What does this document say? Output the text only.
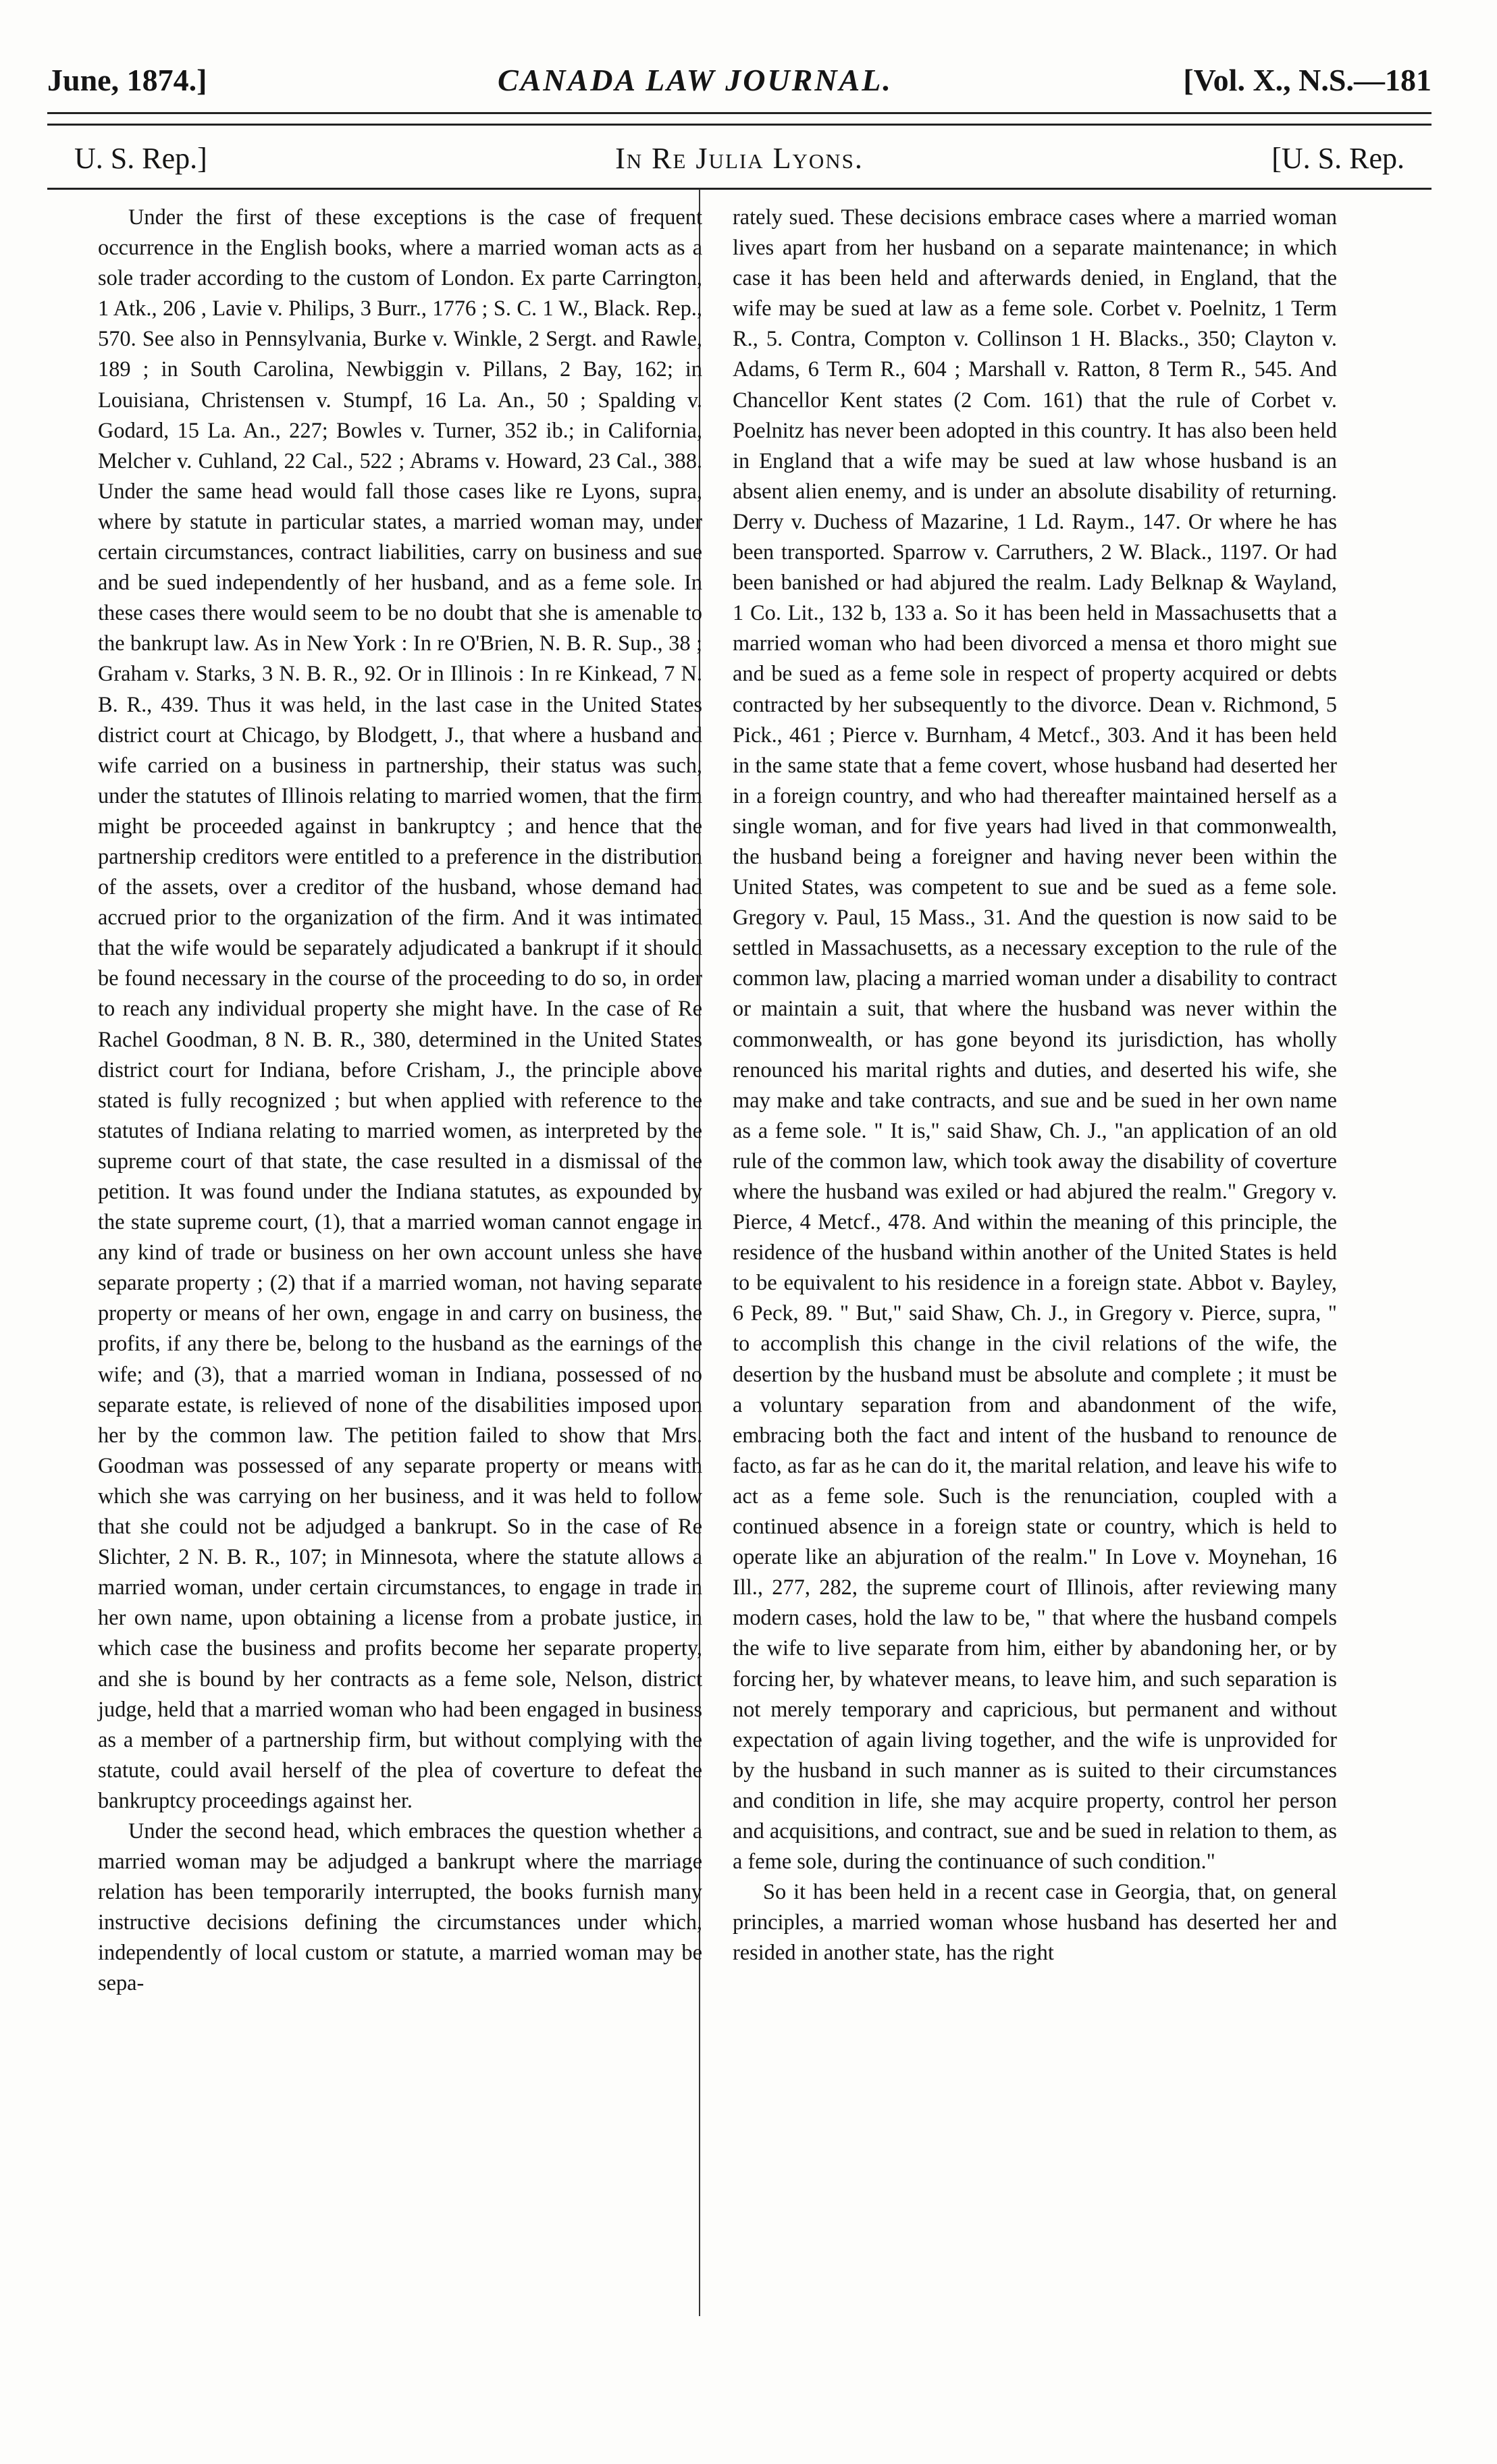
June, 1874.]	CANADA LAW JOURNAL.	[Vol. X., N.S.—181
U. S. Rep.]	In Re Julia Lyons.	[U. S. Rep.

Under the first of these exceptions is the case of frequent occurrence in the English books, where a married woman acts as a sole trader according to the custom of London. Ex parte Carrington, 1 Atk., 206 , Lavie v. Philips, 3 Burr., 1776 ; S. C. 1 W., Black. Rep., 570. See also in Pennsylvania, Burke v. Winkle, 2 Sergt. and Rawle, 189 ; in South Carolina, Newbiggin v. Pillans, 2 Bay, 162; in Louisiana, Christensen v. Stumpf, 16 La. An., 50 ; Spalding v. Godard, 15 La. An., 227; Bowles v. Turner, 352 ib.; in California, Melcher v. Cuhland, 22 Cal., 522 ; Abrams v. Howard, 23 Cal., 388. Under the same head would fall those cases like re Lyons, supra, where by statute in particular states, a married woman may, under certain circumstances, contract liabilities, carry on business and sue and be sued independently of her husband, and as a feme sole. In these cases there would seem to be no doubt that she is amenable to the bankrupt law. As in New York : In re O'Brien, N. B. R. Sup., 38 ; Graham v. Starks, 3 N. B. R., 92. Or in Illinois : In re Kinkead, 7 N. B. R., 439. Thus it was held, in the last case in the United States district court at Chicago, by Blodgett, J., that where a husband and wife carried on a business in partnership, their status was such, under the statutes of Illinois relating to married women, that the firm might be proceeded against in bankruptcy ; and hence that the partnership creditors were entitled to a preference in the distribution of the assets, over a creditor of the husband, whose demand had accrued prior to the organization of the firm. And it was intimated that the wife would be separately adjudicated a bankrupt if it should be found necessary in the course of the proceeding to do so, in order to reach any individual property she might have. In the case of Re Rachel Goodman, 8 N. B. R., 380, determined in the United States district court for Indiana, before Crisham, J., the principle above stated is fully recognized ; but when applied with reference to the statutes of Indiana relating to married women, as interpreted by the supreme court of that state, the case resulted in a dismissal of the petition. It was found under the Indiana statutes, as expounded by the state supreme court, (1), that a married woman cannot engage in any kind of trade or business on her own account unless she have separate property ; (2) that if a married woman, not having separate property or means of her own, engage in and carry on business, the profits, if any there be, belong to the husband as the earnings of the wife; and (3), that a married woman in Indiana, possessed of no separate estate, is relieved of none of the disabilities imposed upon her by the common law. The petition failed to show that Mrs. Goodman was possessed of any separate property or means with which she was carrying on her business, and it was held to follow that she could not be adjudged a bankrupt. So in the case of Re Slichter, 2 N. B. R., 107; in Minnesota, where the statute allows a married woman, under certain circumstances, to engage in trade in her own name, upon obtaining a license from a probate justice, in which case the business and profits become her separate property, and she is bound by her contracts as a feme sole, Nelson, district judge, held that a married woman who had been engaged in business as a member of a partnership firm, but without complying with the statute, could avail herself of the plea of coverture to defeat the bankruptcy proceedings against her.

Under the second head, which embraces the question whether a married woman may be adjudged a bankrupt where the marriage relation has been temporarily interrupted, the books furnish many instructive decisions defining the circumstances under which, independently of local custom or statute, a married woman may be sepa-

rately sued. These decisions embrace cases where a married woman lives apart from her husband on a separate maintenance; in which case it has been held and afterwards denied, in England, that the wife may be sued at law as a feme sole. Corbet v. Poelnitz, 1 Term R., 5. Contra, Compton v. Collinson 1 H. Blacks., 350; Clayton v. Adams, 6 Term R., 604 ; Marshall v. Ratton, 8 Term R., 545. And Chancellor Kent states (2 Com. 161) that the rule of Corbet v. Poelnitz has never been adopted in this country. It has also been held in England that a wife may be sued at law whose husband is an absent alien enemy, and is under an absolute disability of returning. Derry v. Duchess of Mazarine, 1 Ld. Raym., 147. Or where he has been transported. Sparrow v. Carruthers, 2 W. Black., 1197. Or had been banished or had abjured the realm. Lady Belknap & Wayland, 1 Co. Lit., 132 b, 133 a. So it has been held in Massachusetts that a married woman who had been divorced a mensa et thoro might sue and be sued as a feme sole in respect of property acquired or debts contracted by her subsequently to the divorce. Dean v. Richmond, 5 Pick., 461 ; Pierce v. Burnham, 4 Metcf., 303. And it has been held in the same state that a feme covert, whose husband had deserted her in a foreign country, and who had thereafter maintained herself as a single woman, and for five years had lived in that commonwealth, the husband being a foreigner and having never been within the United States, was competent to sue and be sued as a feme sole. Gregory v. Paul, 15 Mass., 31. And the question is now said to be settled in Massachusetts, as a necessary exception to the rule of the common law, placing a married woman under a disability to contract or maintain a suit, that where the husband was never within the commonwealth, or has gone beyond its jurisdiction, has wholly renounced his marital rights and duties, and deserted his wife, she may make and take contracts, and sue and be sued in her own name as a feme sole. " It is," said Shaw, Ch. J., "an application of an old rule of the common law, which took away the disability of coverture where the husband was exiled or had abjured the realm." Gregory v. Pierce, 4 Metcf., 478. And within the meaning of this principle, the residence of the husband within another of the United States is held to be equivalent to his residence in a foreign state. Abbot v. Bayley, 6 Peck, 89. " But," said Shaw, Ch. J., in Gregory v. Pierce, supra, " to accomplish this change in the civil relations of the wife, the desertion by the husband must be absolute and complete ; it must be a voluntary separation from and abandonment of the wife, embracing both the fact and intent of the husband to renounce de facto, as far as he can do it, the marital relation, and leave his wife to act as a feme sole. Such is the renunciation, coupled with a continued absence in a foreign state or country, which is held to operate like an abjuration of the realm." In Love v. Moynehan, 16 Ill., 277, 282, the supreme court of Illinois, after reviewing many modern cases, hold the law to be, " that where the husband compels the wife to live separate from him, either by abandoning her, or by forcing her, by whatever means, to leave him, and such separation is not merely temporary and capricious, but permanent and without expectation of again living together, and the wife is unprovided for by the husband in such manner as is suited to their circumstances and condition in life, she may acquire property, control her person and acquisitions, and contract, sue and be sued in relation to them, as a feme sole, during the continuance of such condition."

So it has been held in a recent case in Georgia, that, on general principles, a married woman whose husband has deserted her and resided in another state, has the right
